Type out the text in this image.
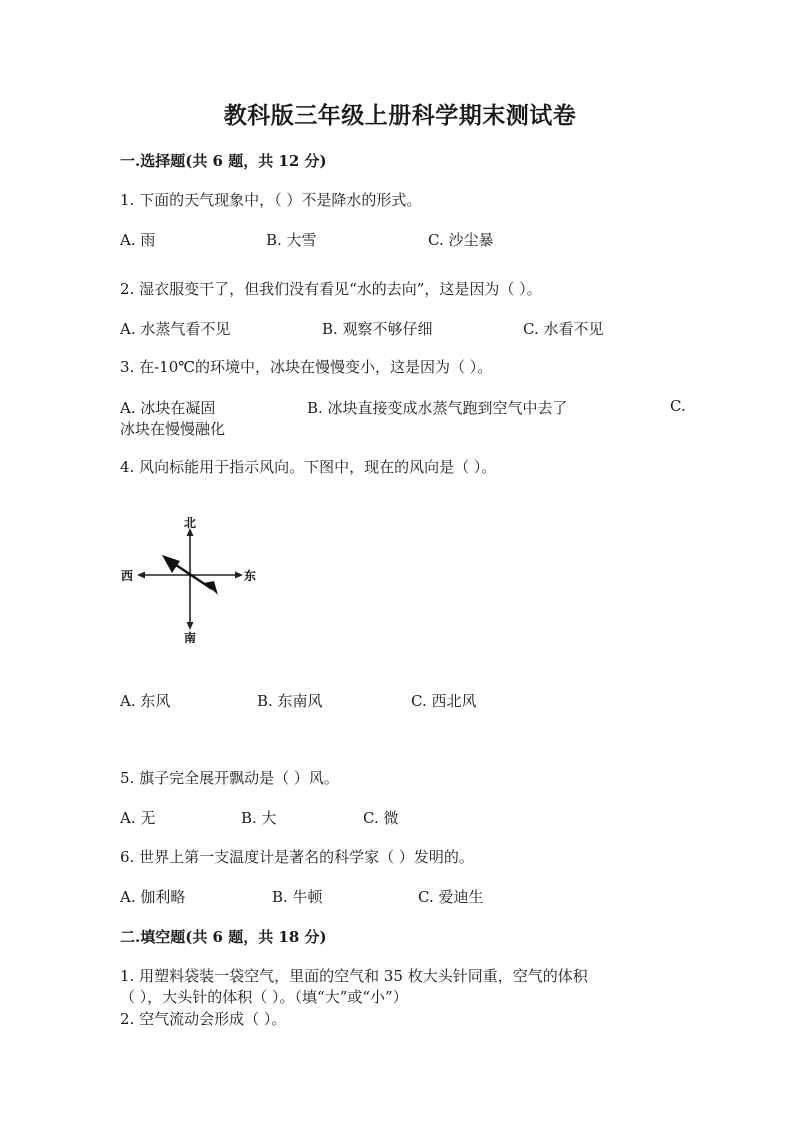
教科版三年级上册科学期末测试卷
一.选择题(共 6 题，共 12 分)
1. 下面的天气现象中，（ ）不是降水的形式。
A. 雨	B. 大雪	C. 沙尘暴
2. 湿衣服变干了，但我们没有看见“水的去向”，这是因为（ ）。
A. 水蒸气看不见	B. 观察不够仔细	C. 水看不见
3. 在-10℃的环境中，冰块在慢慢变小，这是因为（ ）。
A. 冰块在凝固	B. 冰块直接变成水蒸气跑到空气中去了	C.
冰块在慢慢融化
4. 风向标能用于指示风向。下图中，现在的风向是（ ）。
北
南
西	东
A. 东风	B. 东南风	C. 西北风
5. 旗子完全展开飘动是（ ）风。
A. 无	B. 大	C. 微
6. 世界上第一支温度计是著名的科学家（ ）发明的。
A. 伽利略	B. 牛顿	C. 爱迪生
二.填空题(共 6 题，共 18 分)
1. 用塑料袋装一袋空气，里面的空气和 35 枚大头针同重，空气的体积
（ ），大头针的体积（ ）。（填“大”或“小”）
2. 空气流动会形成（ ）。
